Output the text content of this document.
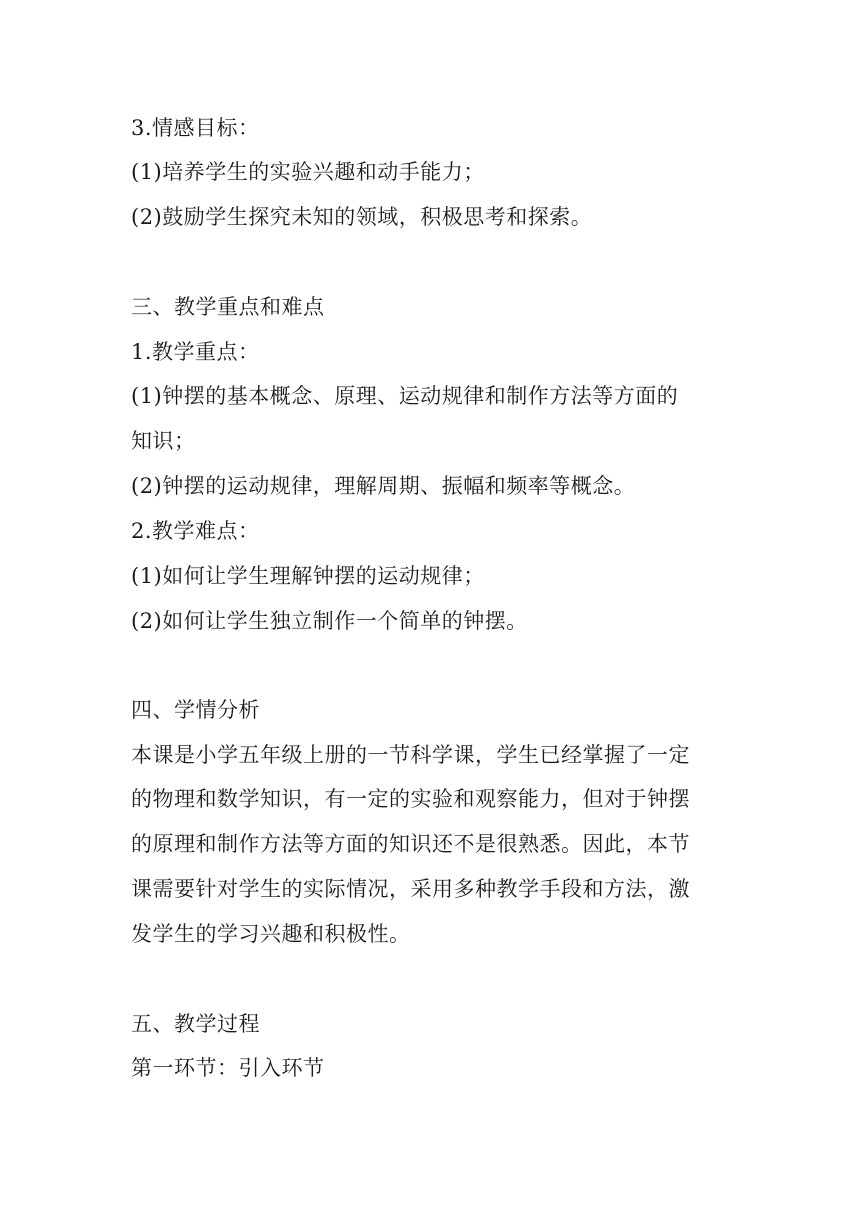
3.情感目标：
(1)培养学生的实验兴趣和动手能力；
(2)鼓励学生探究未知的领域，积极思考和探索。
三、教学重点和难点
1.教学重点：
(1)钟摆的基本概念、原理、运动规律和制作方法等方面的
知识；
(2)钟摆的运动规律，理解周期、振幅和频率等概念。
2.教学难点：
(1)如何让学生理解钟摆的运动规律；
(2)如何让学生独立制作一个简单的钟摆。
四、学情分析
本课是小学五年级上册的一节科学课，学生已经掌握了一定
的物理和数学知识，有一定的实验和观察能力，但对于钟摆
的原理和制作方法等方面的知识还不是很熟悉。因此，本节
课需要针对学生的实际情况，采用多种教学手段和方法，激
发学生的学习兴趣和积极性。
五、教学过程
第一环节：引入环节
